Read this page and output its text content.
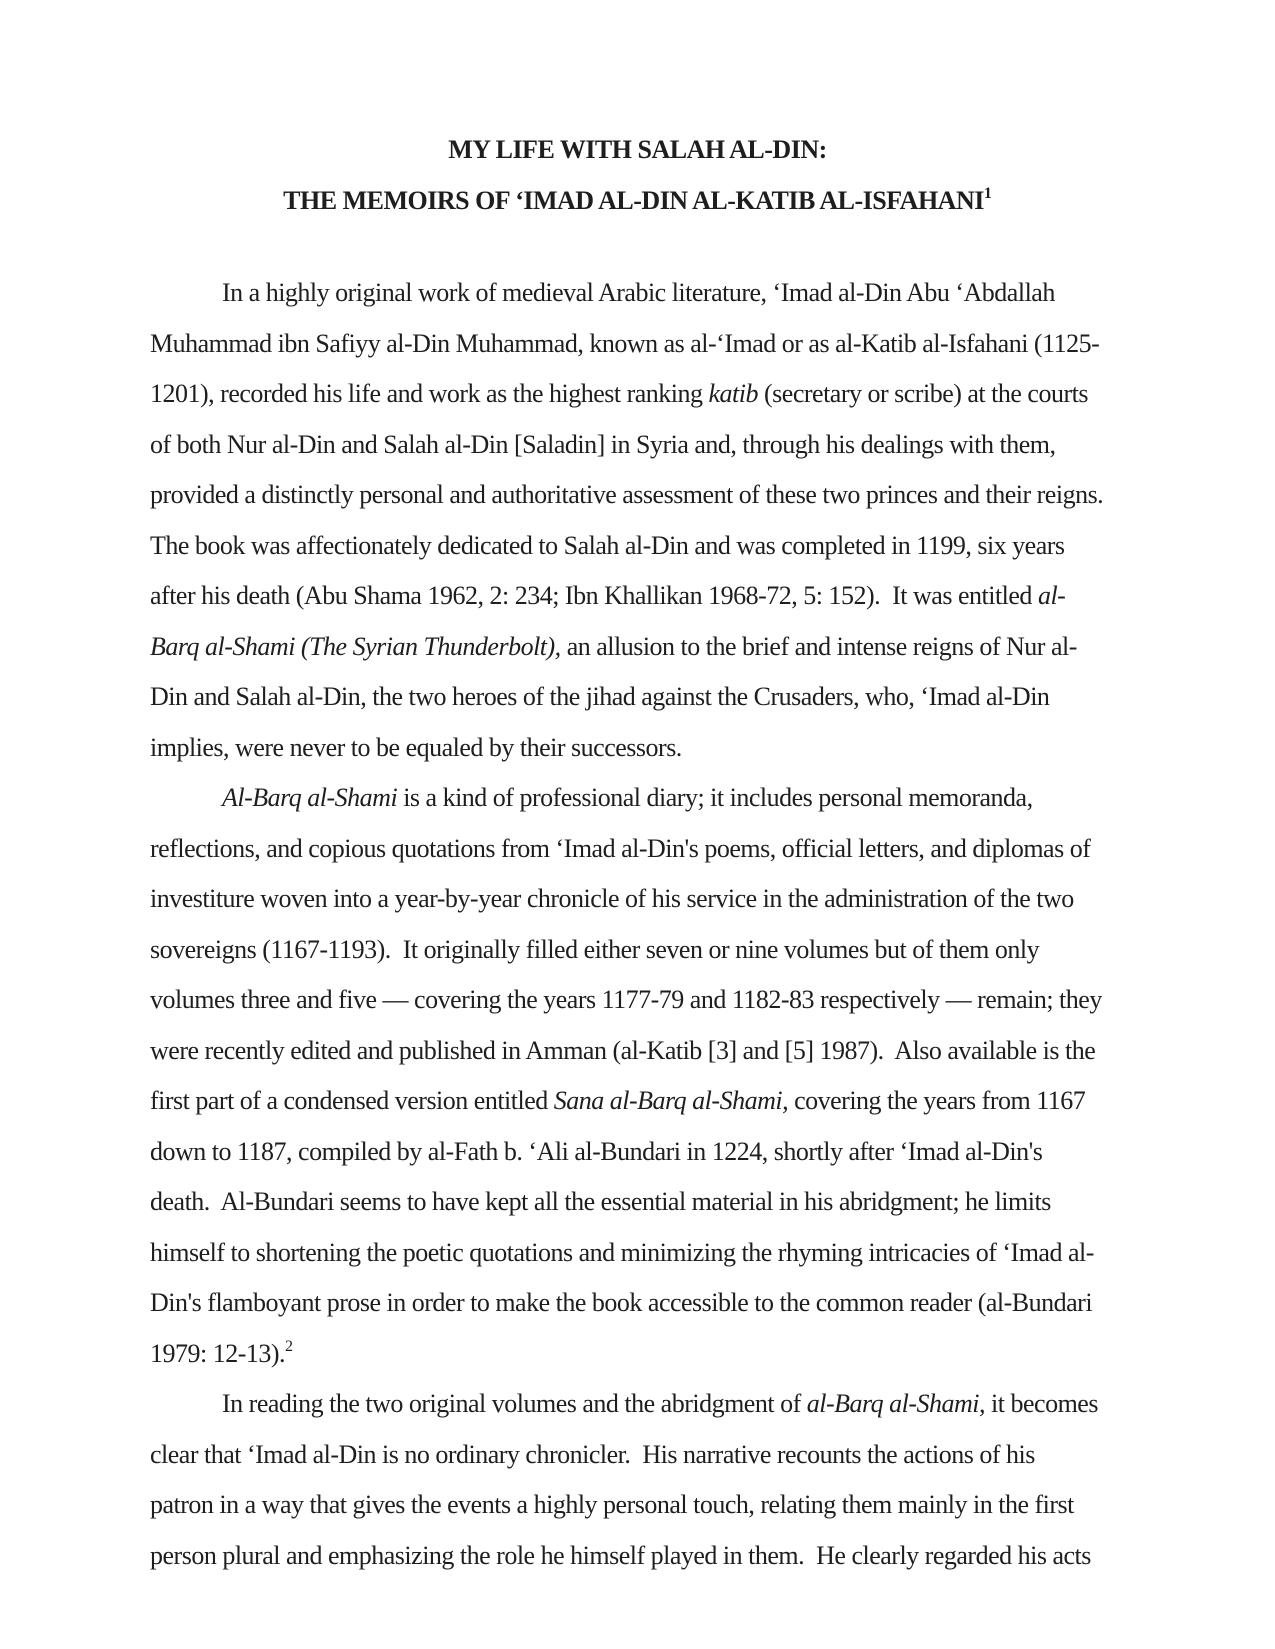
MY LIFE WITH SALAH AL-DIN:
THE MEMOIRS OF ‘IMAD AL-DIN AL-KATIB AL-ISFAHANI$^1$
In a highly original work of medieval Arabic literature, ‘Imad al-Din Abu ‘Abdallah
Muhammad ibn Safiyy al-Din Muhammad, known as al-‘Imad or as al-Katib al-Isfahani (1125-
1201), recorded his life and work as the highest ranking katib (secretary or scribe) at the courts
of both Nur al-Din and Salah al-Din [Saladin] in Syria and, through his dealings with them,
provided a distinctly personal and authoritative assessment of these two princes and their reigns.
The book was affectionately dedicated to Salah al-Din and was completed in 1199, six years
after his death (Abu Shama 1962, 2: 234; Ibn Khallikan 1968-72, 5: 152).  It was entitled al-
Barq al-Shami (The Syrian Thunderbolt), an allusion to the brief and intense reigns of Nur al-
Din and Salah al-Din, the two heroes of the jihad against the Crusaders, who, ‘Imad al-Din
implies, were never to be equaled by their successors.
Al-Barq al-Shami is a kind of professional diary; it includes personal memoranda,
reflections, and copious quotations from ‘Imad al-Din's poems, official letters, and diplomas of
investiture woven into a year-by-year chronicle of his service in the administration of the two
sovereigns (1167-1193).  It originally filled either seven or nine volumes but of them only
volumes three and five — covering the years 1177-79 and 1182-83 respectively — remain; they
were recently edited and published in Amman (al-Katib [3] and [5] 1987).  Also available is the
first part of a condensed version entitled Sana al-Barq al-Shami, covering the years from 1167
down to 1187, compiled by al-Fath b. ‘Ali al-Bundari in 1224, shortly after ‘Imad al-Din's
death.  Al-Bundari seems to have kept all the essential material in his abridgment; he limits
himself to shortening the poetic quotations and minimizing the rhyming intricacies of ‘Imad al-
Din's flamboyant prose in order to make the book accessible to the common reader (al-Bundari
1979: 12-13).$^2$
In reading the two original volumes and the abridgment of al-Barq al-Shami, it becomes
clear that ‘Imad al-Din is no ordinary chronicler.  His narrative recounts the actions of his
patron in a way that gives the events a highly personal touch, relating them mainly in the first
person plural and emphasizing the role he himself played in them.  He clearly regarded his acts
